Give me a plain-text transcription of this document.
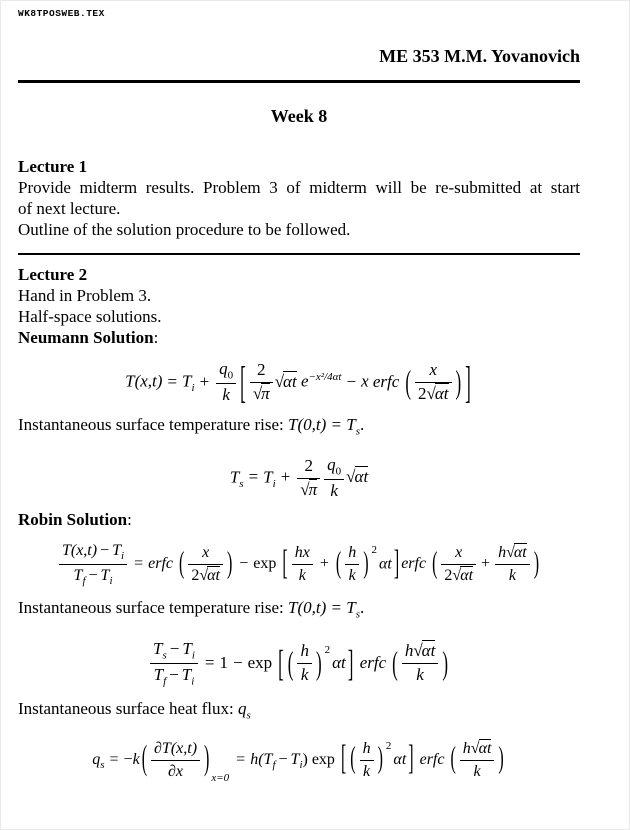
WK8TPOSWEB.TEX
ME 353 M.M. Yovanovich
Week 8
Lecture 1
Provide midterm results. Problem 3 of midterm will be re-submitted at start
of next lecture.
Outline of the solution procedure to be followed.
Lecture 2
Hand in Problem 3.
Half-space solutions.
Neumann Solution:
$T(x,t) = T_i + \frac{q_0}{k}$ [ $\frac{2}{√\pi} √\alpha t$ $e^{-x^2/4\alpha t} - x$ erfc ( $\frac{x}{2√\alpha t}$ ) ]
Instantaneous surface temperature rise: $T(0,t) = T_s$.
$T_s = T_i + \frac{2}{√\pi} \frac{q_0}{k} √\alpha t$
Robin Solution:
$\frac{T(x,t) - T_i}{T_f - T_i}$ = erfc ( $\frac{x}{2√\alpha t}$ ) − exp [ $\frac{hx}{k}$ + ( $\frac{h}{k}$ ) $^2$αt ] erfc ( $\frac{x}{2√\alpha t} + \frac{h√\alpha t}{k}$ )
Instantaneous surface temperature rise: $T(0,t) = T_s$.
$\frac{T_s - T_i}{T_f - T_i} = 1 - \exp$ [ ( $\frac{h}{k}$ ) $^2$αt ] erfc ( $\frac{h√\alpha t}{k}$ )
Instantaneous surface heat flux: $q_s$
$q_s = -k$ ( $\frac{\partial T(x,t)}{\partial x} )_{x=0}= h(T_f - T_i)$ exp [ ( $\frac{h}{k}$ ) $^2$αt ] erfc ( $\frac{h√\alpha t}{k}$ )
